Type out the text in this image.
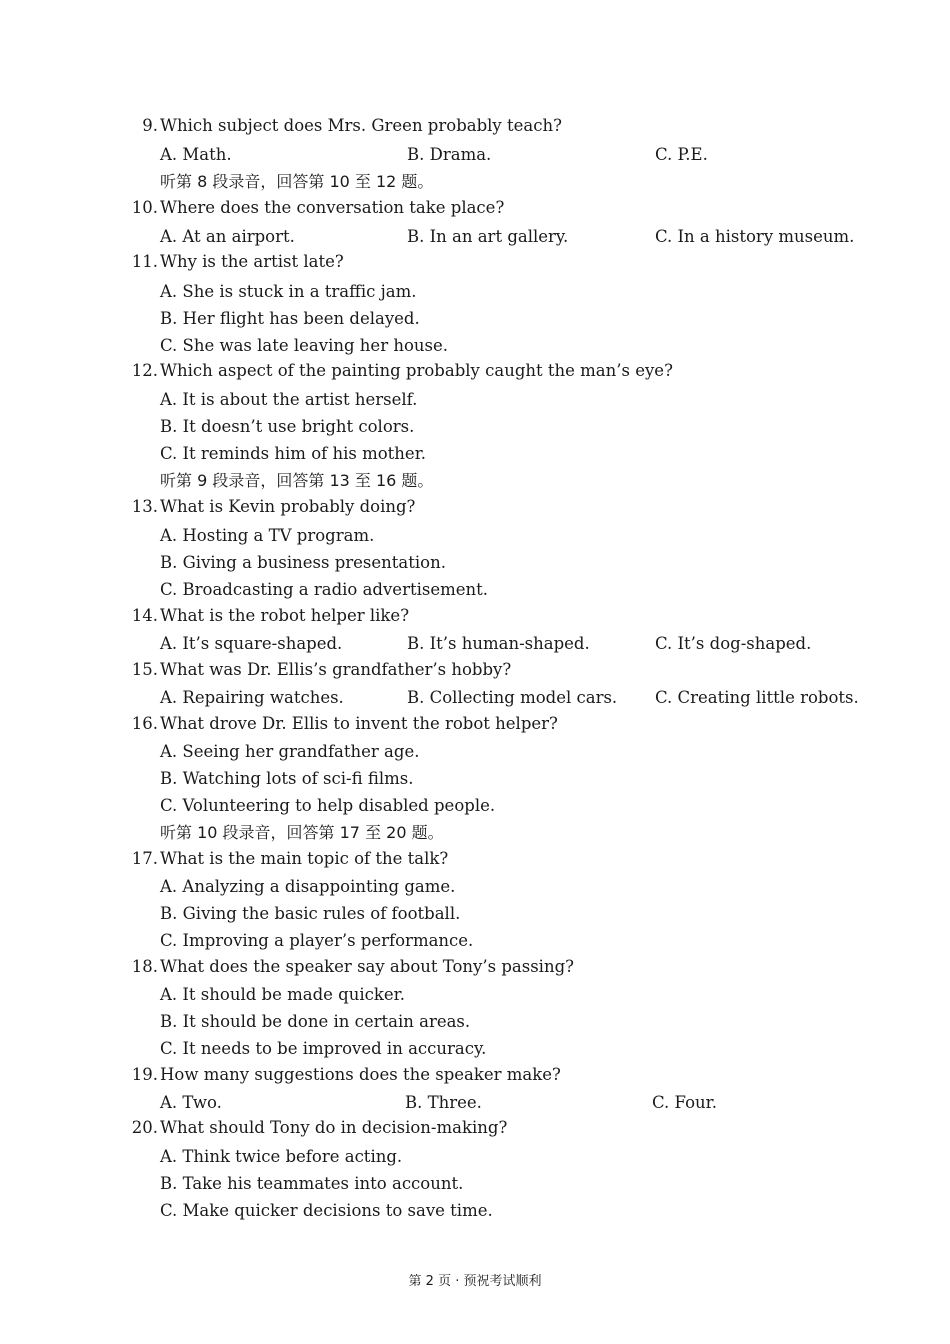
9. Which subject does Mrs. Green probably teach?
A. Math.	B. Drama.	C. P.E.
听第 8 段录音，回答第 10 至 12 题。
10. Where does the conversation take place?
A. At an airport.	B. In an art gallery.	C. In a history museum.
11. Why is the artist late?
A. She is stuck in a traffic jam.
B. Her flight has been delayed.
C. She was late leaving her house.
12. Which aspect of the painting probably caught the man’s eye?
A. It is about the artist herself.
B. It doesn’t use bright colors.
C. It reminds him of his mother.
听第 9 段录音，回答第 13 至 16 题。
13. What is Kevin probably doing?
A. Hosting a TV program.
B. Giving a business presentation.
C. Broadcasting a radio advertisement.
14. What is the robot helper like?
A. It’s square-shaped.	B. It’s human-shaped.	C. It’s dog-shaped.
15. What was Dr. Ellis’s grandfather’s hobby?
A. Repairing watches.	B. Collecting model cars. C. Creating little robots.
16. What drove Dr. Ellis to invent the robot helper?
A. Seeing her grandfather age.
B. Watching lots of sci-fi films.
C. Volunteering to help disabled people.
听第 10 段录音，回答第 17 至 20 题。
17. What is the main topic of the talk?
A. Analyzing a disappointing game.
B. Giving the basic rules of football.
C. Improving a player’s performance.
18. What does the speaker say about Tony’s passing?
A. It should be made quicker.
B. It should be done in certain areas.
C. It needs to be improved in accuracy.
19. How many suggestions does the speaker make?
A. Two.	B. Three.	C. Four.
20. What should Tony do in decision-making?
A. Think twice before acting.
B. Take his teammates into account.
C. Make quicker decisions to save time.
第 2 页 · 预祝考试顺利
